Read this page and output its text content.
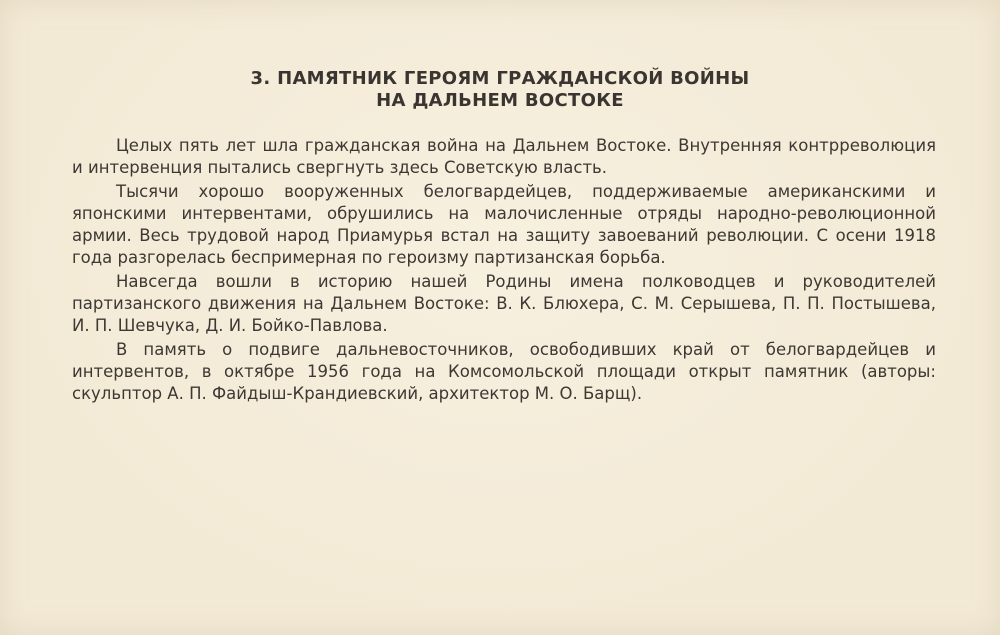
3. ПАМЯТНИК ГЕРОЯМ ГРАЖДАНСКОЙ ВОЙНЫ
НА ДАЛЬНЕМ ВОСТОКЕ

Целых пять лет шла гражданская война на Дальнем Востоке. Внутренняя контрреволюция и интервенция пытались свергнуть здесь Советскую власть.

Тысячи хорошо вооруженных белогвардейцев, поддерживаемые американскими и японскими интервентами, обрушились на малочисленные отряды народно-революционной армии. Весь трудовой народ Приамурья встал на защиту завоеваний революции. С осени 1918 года разгорелась беспримерная по героизму партизанская борьба.

Навсегда вошли в историю нашей Родины имена полководцев и руководителей партизанского движения на Дальнем Востоке: В. К. Блюхера, С. М. Серышева, П. П. Постышева, И. П. Шевчука, Д. И. Бойко-Павлова.

В память о подвиге дальневосточников, освободивших край от белогвардейцев и интервентов, в октябре 1956 года на Комсомольской площади открыт памятник (авторы: скульптор А. П. Файдыш-Крандиевский, архитектор М. О. Барщ).
